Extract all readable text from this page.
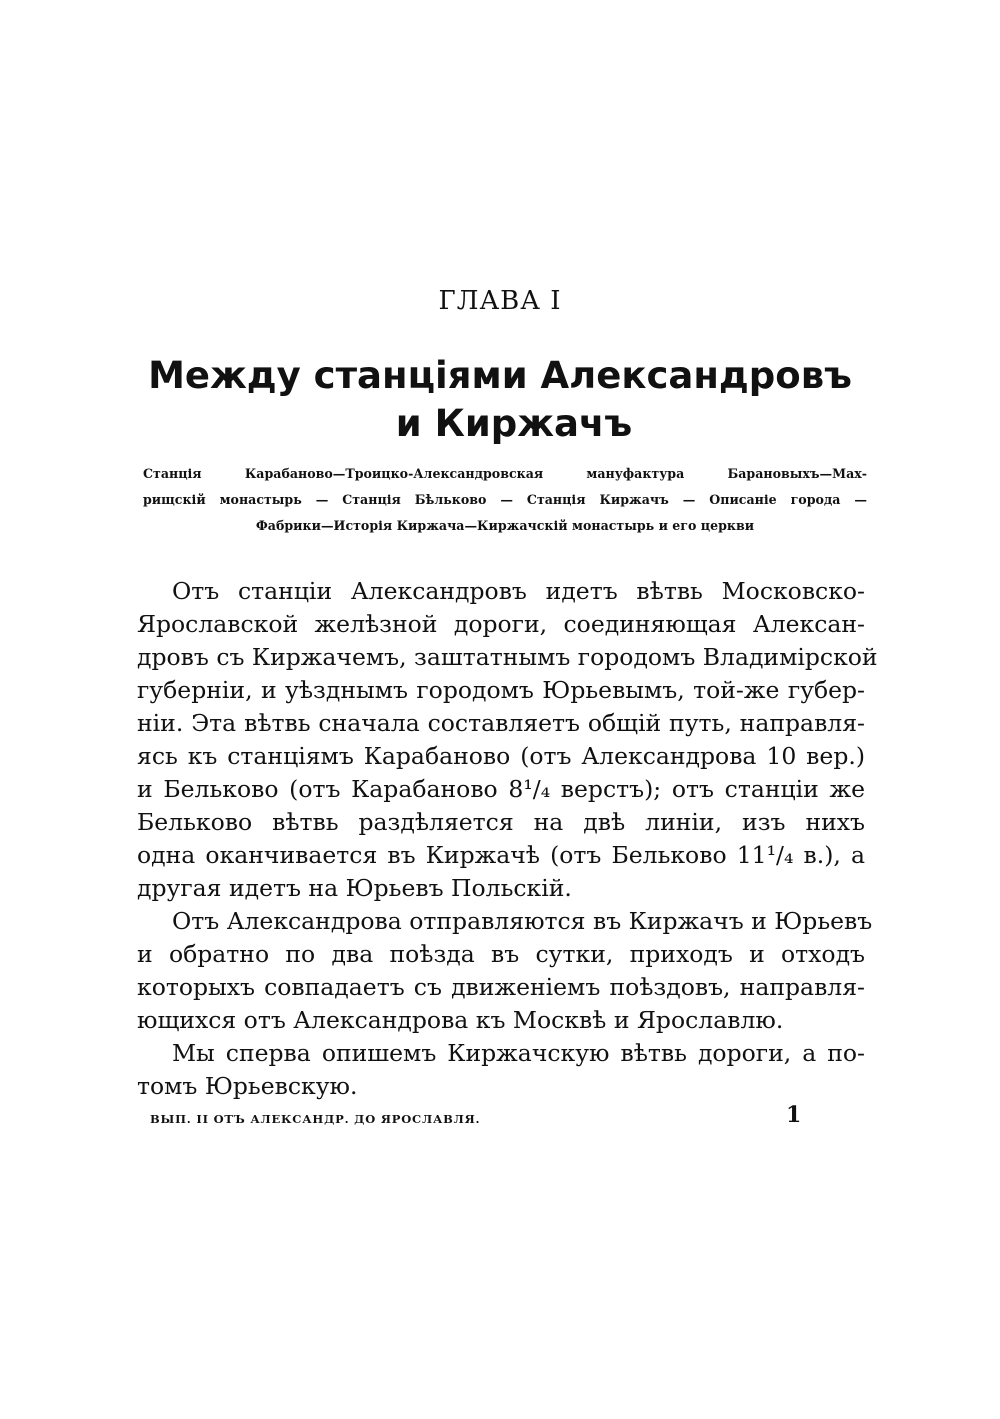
ГЛАВА I
Между станціями Александровъ
и Киржачъ
Станція Карабаново—Троицко-Александровская мануфактура Барановыхъ—Мах-
рищскій монастырь — Станція Бѣльково — Станція Киржачъ — Описаніе города —
Фабрики—Исторія Киржача—Киржачскій монастырь и его церкви
Отъ станціи Александровъ идетъ вѣтвь Московско-
Ярославской желѣзной дороги, соединяющая Алексан-
дровъ съ Киржачемъ, заштатнымъ городомъ Владимірской
губерніи, и уѣзднымъ городомъ Юрьевымъ, той-же губер-
ніи. Эта вѣтвь сначала составляетъ общій путь, направля-
ясь къ станціямъ Карабаново (отъ Александрова 10 вер.)
и Бельково (отъ Карабаново 8¹/₄ верстъ); отъ станціи же
Бельково вѣтвь раздѣляется на двѣ линіи, изъ нихъ
одна оканчивается въ Киржачѣ (отъ Бельково 11¹/₄ в.), а
другая идетъ на Юрьевъ Польскій.
Отъ Александрова отправляются въ Киржачъ и Юрьевъ
и обратно по два поѣзда въ сутки, приходъ и отходъ
которыхъ совпадаетъ съ движеніемъ поѣздовъ, направля-
ющихся отъ Александрова къ Москвѣ и Ярославлю.
Мы сперва опишемъ Киржачскую вѣтвь дороги, а по-
томъ Юрьевскую.
ВЫП. II ОТЪ АЛЕКСАНДР. ДО ЯРОСЛАВЛЯ.	1
